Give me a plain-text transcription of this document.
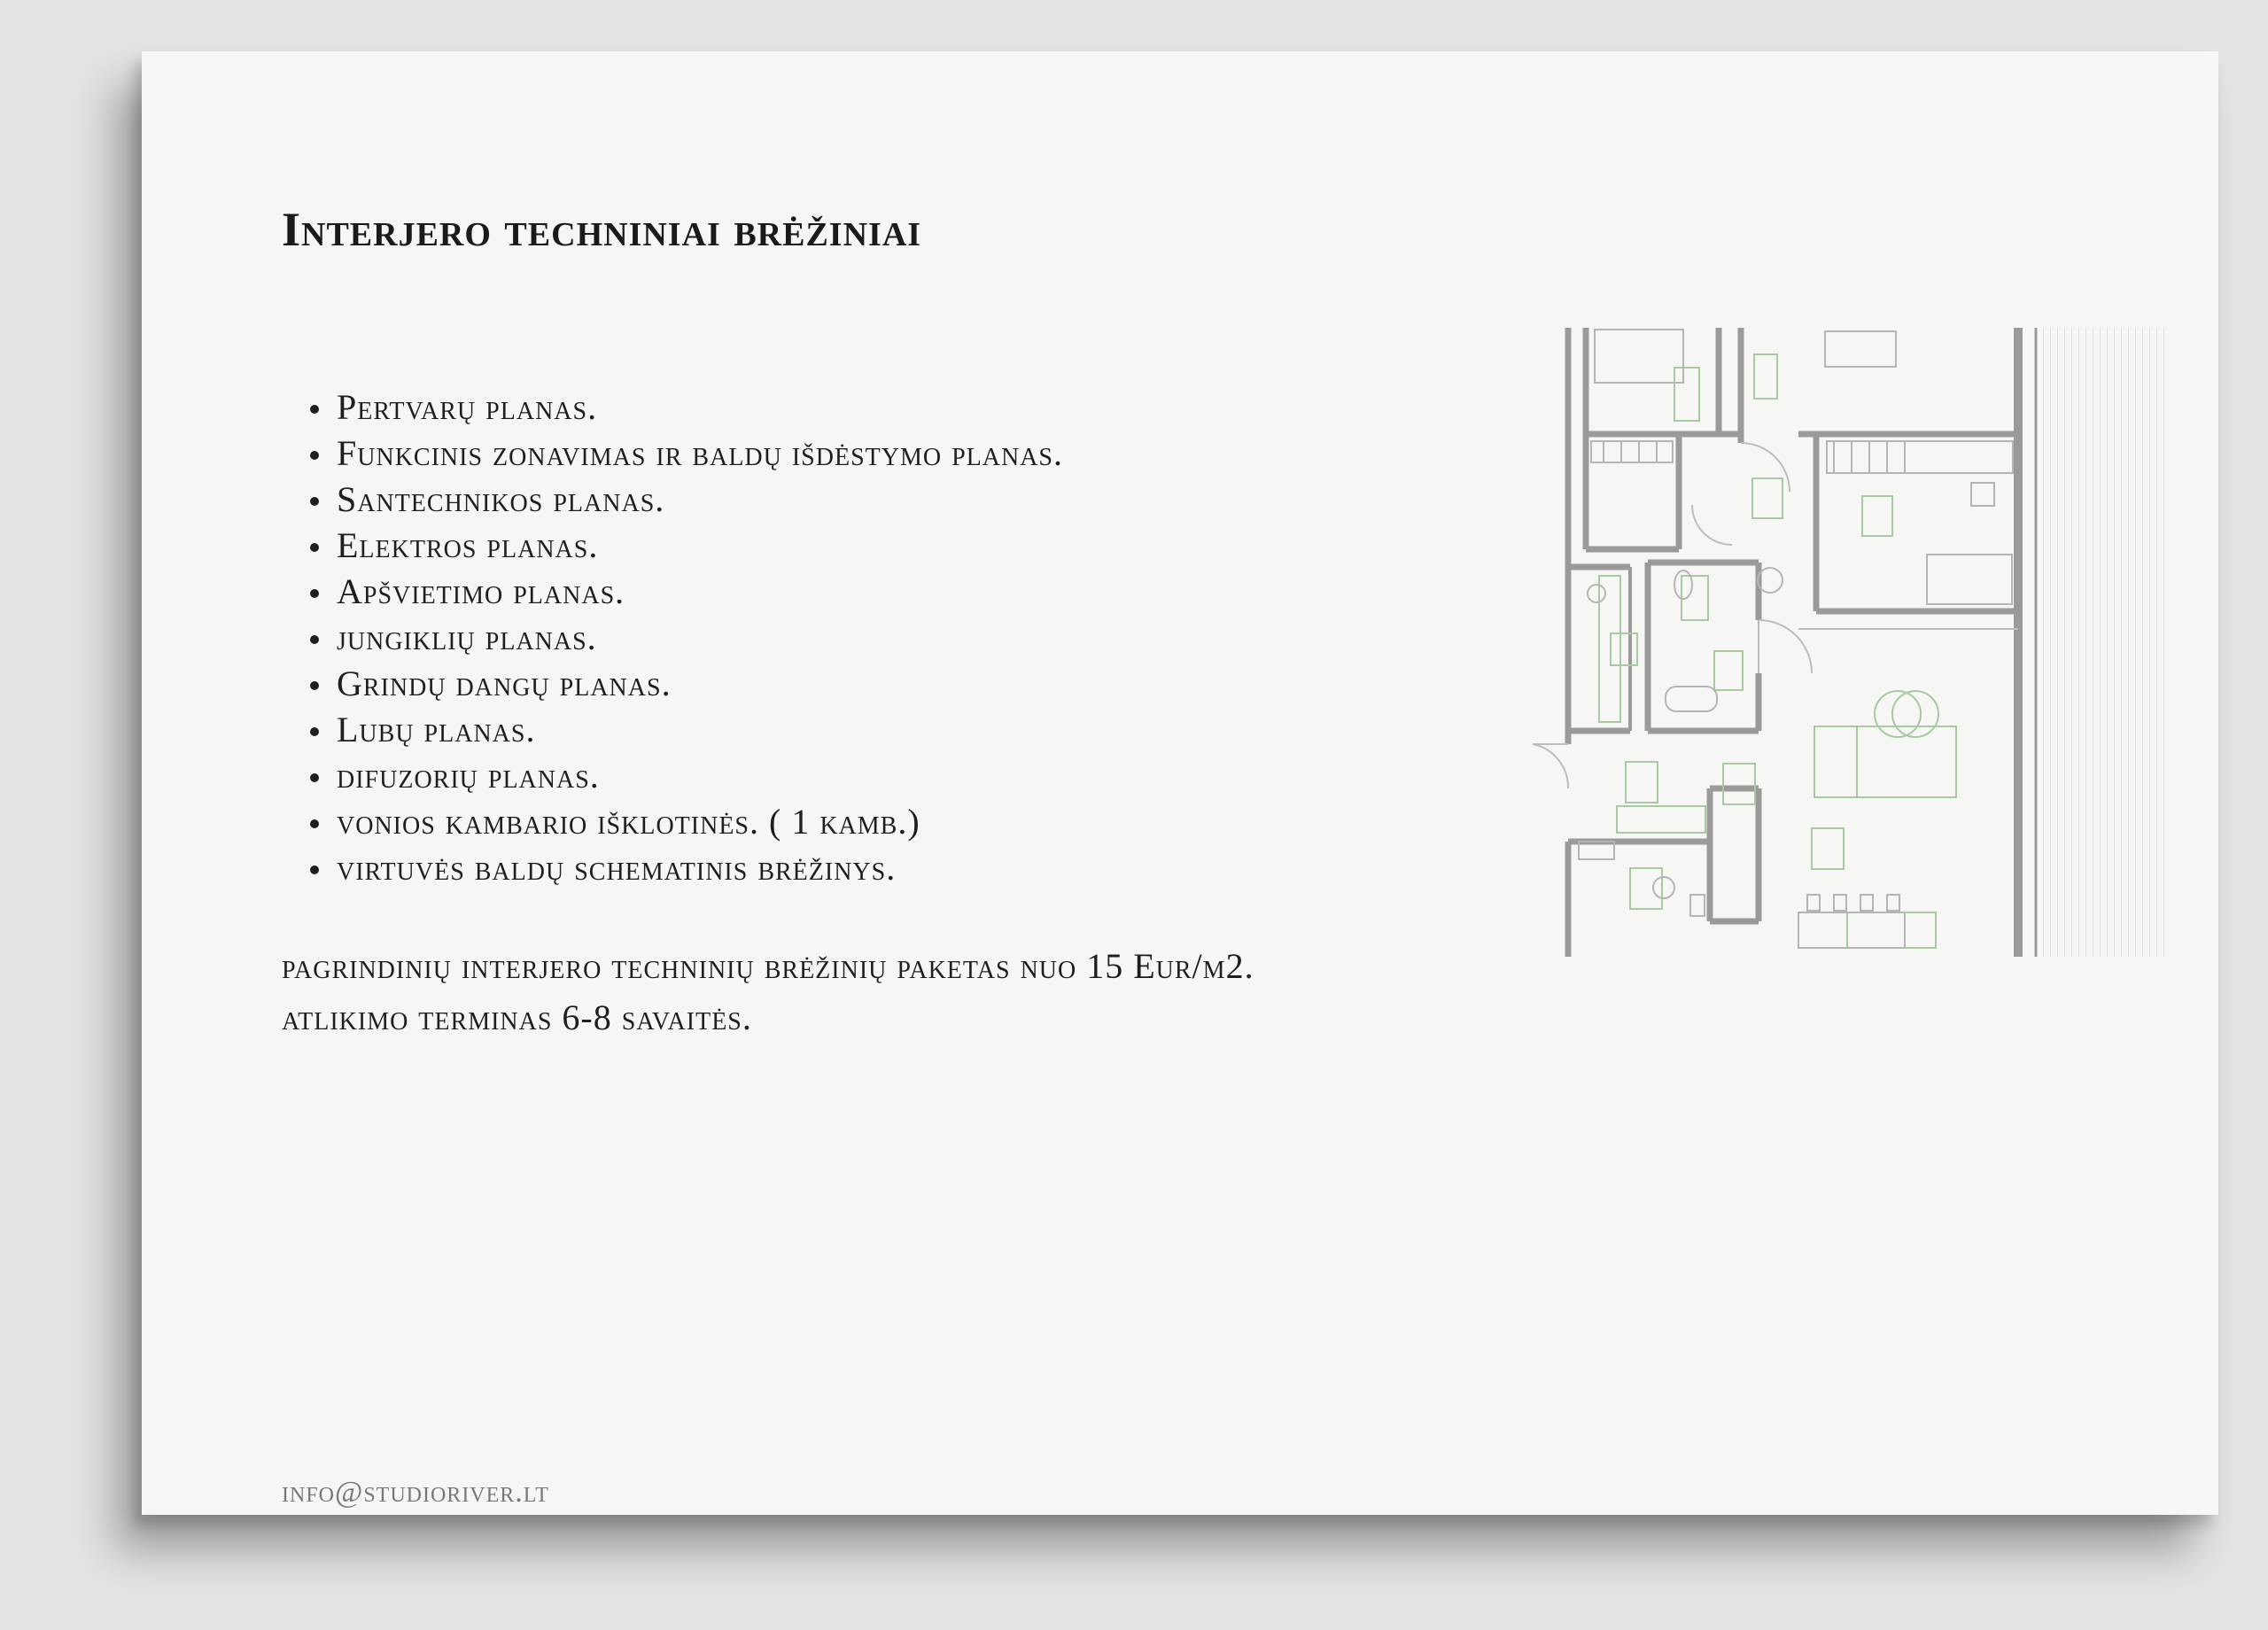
Interjero techniniai brėžiniai
Pertvarų planas.
Funkcinis zonavimas ir baldų išdėstymo planas.
Santechnikos planas.
Elektros planas.
Apšvietimo planas.
jungiklių planas.
Grindų dangų planas.
Lubų planas.
difuzorių planas.
vonios kambario išklotinės. ( 1 kamb.)
virtuvės baldų schematinis brėžinys.
pagrindinių interjero techninių brėžinių paketas nuo 15 Eur/m2.
atlikimo terminas 6-8 savaitės.
info@studioriver.lt
